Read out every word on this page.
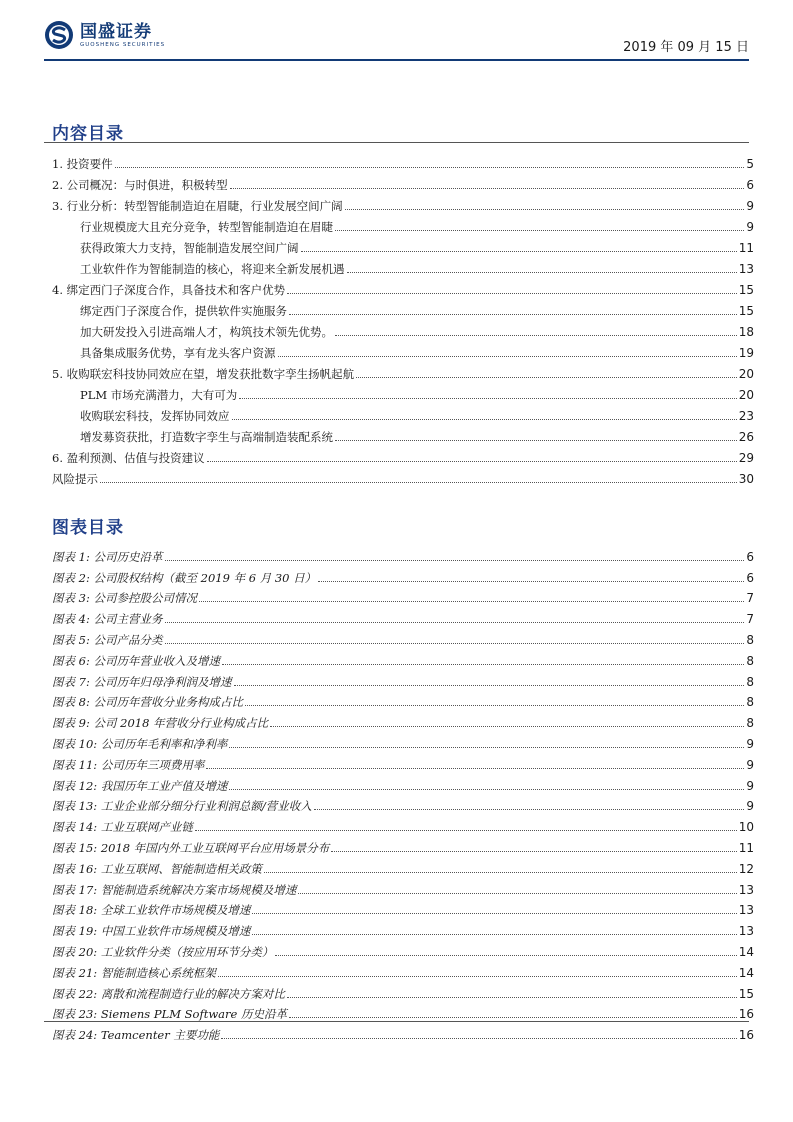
国盛证券
GUOSHENG SECURITIES	2019 年 09 月 15 日
内容目录
1. 投资要件	5
2. 公司概况：与时俱进，积极转型	6
3. 行业分析：转型智能制造迫在眉睫，行业发展空间广阔	9
行业规模庞大且充分竞争，转型智能制造迫在眉睫	9
获得政策大力支持，智能制造发展空间广阔	11
工业软件作为智能制造的核心，将迎来全新发展机遇	13
4. 绑定西门子深度合作，具备技术和客户优势	15
绑定西门子深度合作，提供软件实施服务	15
加大研发投入引进高端人才，构筑技术领先优势。	18
具备集成服务优势，享有龙头客户资源	19
5. 收购联宏科技协同效应在望，增发获批数字孪生扬帆起航	20
PLM 市场充满潜力，大有可为	20
收购联宏科技，发挥协同效应	23
增发募资获批，打造数字孪生与高端制造装配系统	26
6. 盈利预测、估值与投资建议	29
风险提示	30
图表目录
图表 1: 公司历史沿革	6
图表 2: 公司股权结构（截至 2019 年 6 月 30 日）	6
图表 3: 公司参控股公司情况	7
图表 4: 公司主营业务	7
图表 5: 公司产品分类	8
图表 6: 公司历年营业收入及增速	8
图表 7: 公司历年归母净利润及增速	8
图表 8: 公司历年营收分业务构成占比	8
图表 9: 公司 2018 年营收分行业构成占比	8
图表 10: 公司历年毛利率和净利率	9
图表 11: 公司历年三项费用率	9
图表 12: 我国历年工业产值及增速	9
图表 13: 工业企业部分细分行业利润总额/营业收入	9
图表 14: 工业互联网产业链	10
图表 15: 2018 年国内外工业互联网平台应用场景分布	11
图表 16: 工业互联网、智能制造相关政策	12
图表 17: 智能制造系统解决方案市场规模及增速	13
图表 18: 全球工业软件市场规模及增速	13
图表 19: 中国工业软件市场规模及增速	13
图表 20: 工业软件分类（按应用环节分类）	14
图表 21: 智能制造核心系统框架	14
图表 22: 离散和流程制造行业的解决方案对比	15
图表 23: Siemens PLM Software 历史沿革	16
图表 24: Teamcenter 主要功能	16
